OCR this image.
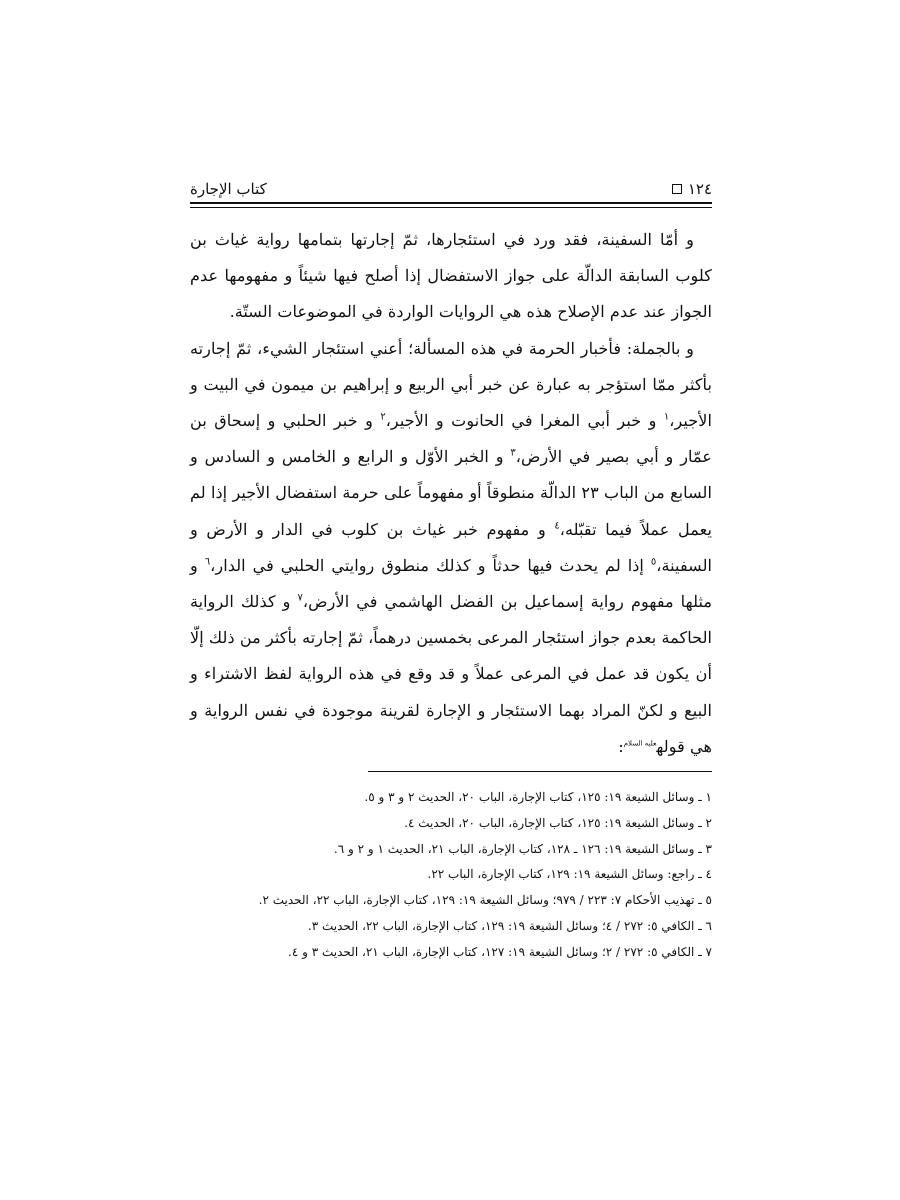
١٢٤
كتاب الإجارة

و أمّا السفينة، فقد ورد في استئجارها، ثمّ إجارتها بتمامها رواية غياث بن كلوب السابقة الدالّة على جواز الاستفضال إذا أصلح فيها شيئاً و مفهومها عدم الجواز عند عدم الإصلاح هذه هي الروايات الواردة في الموضوعات الستّة.

و بالجملة: فأخبار الحرمة في هذه المسألة؛ أعني استئجار الشيء، ثمّ إجارته بأكثر ممّا استؤجر به عبارة عن خبر أبي الربيع و إبراهيم بن ميمون في البيت و الأجير،$^١$ و خبر أبي المغرا في الحانوت و الأجير،$^٢$ و خبر الحلبي و إسحاق بن عمّار و أبي بصير في الأرض،$^٣$ و الخبر الأوّل و الرابع و الخامس و السادس و السابع من الباب ٢٣ الدالّة منطوقاً أو مفهوماً على حرمة استفضال الأجير إذا لم يعمل عملاً فيما تقبّله،$^٤$ و مفهوم خبر غياث بن كلوب في الدار و الأرض و السفينة،$^٥$ إذا لم يحدث فيها حدثاً و كذلك منطوق روايتي الحلبي في الدار،$^٦$ و مثلها مفهوم رواية إسماعيل بن الفضل الهاشمي في الأرض،$^٧$ و كذلك الرواية الحاكمة بعدم جواز استئجار المرعى بخمسين درهماً، ثمّ إجارته بأكثر من ذلك إلّا أن يكون قد عمل في المرعى عملاً و قد وقع في هذه الرواية لفظ الاشتراء و البيع و لكنّ المراد بهما الاستئجار و الإجارة لقرينة موجودة في نفس الرواية و هي قوله$^{عليه السلام}$:

١ ـ وسائل الشيعة ١٩: ١٢٥، كتاب الإجارة، الباب ٢٠، الحديث ٢ و ٣ و ٥.
٢ ـ وسائل الشيعة ١٩: ١٢٥، كتاب الإجارة، الباب ٢٠، الحديث ٤.
٣ ـ وسائل الشيعة ١٩: ١٢٦ ـ ١٢٨، كتاب الإجارة، الباب ٢١، الحديث ١ و ٢ و ٦.
٤ ـ راجع: وسائل الشيعة ١٩: ١٢٩، كتاب الإجارة، الباب ٢٢.
٥ ـ تهذيب الأحكام ٧: ٢٢٣ / ٩٧٩؛ وسائل الشيعة ١٩: ١٢٩، كتاب الإجارة، الباب ٢٢، الحديث ٢.
٦ ـ الكافي ٥: ٢٧٢ / ٤؛ وسائل الشيعة ١٩: ١٢٩، كتاب الإجارة، الباب ٢٢، الحديث ٣.
٧ ـ الكافي ٥: ٢٧٢ / ٢؛ وسائل الشيعة ١٩: ١٢٧، كتاب الإجارة، الباب ٢١، الحديث ٣ و ٤.
